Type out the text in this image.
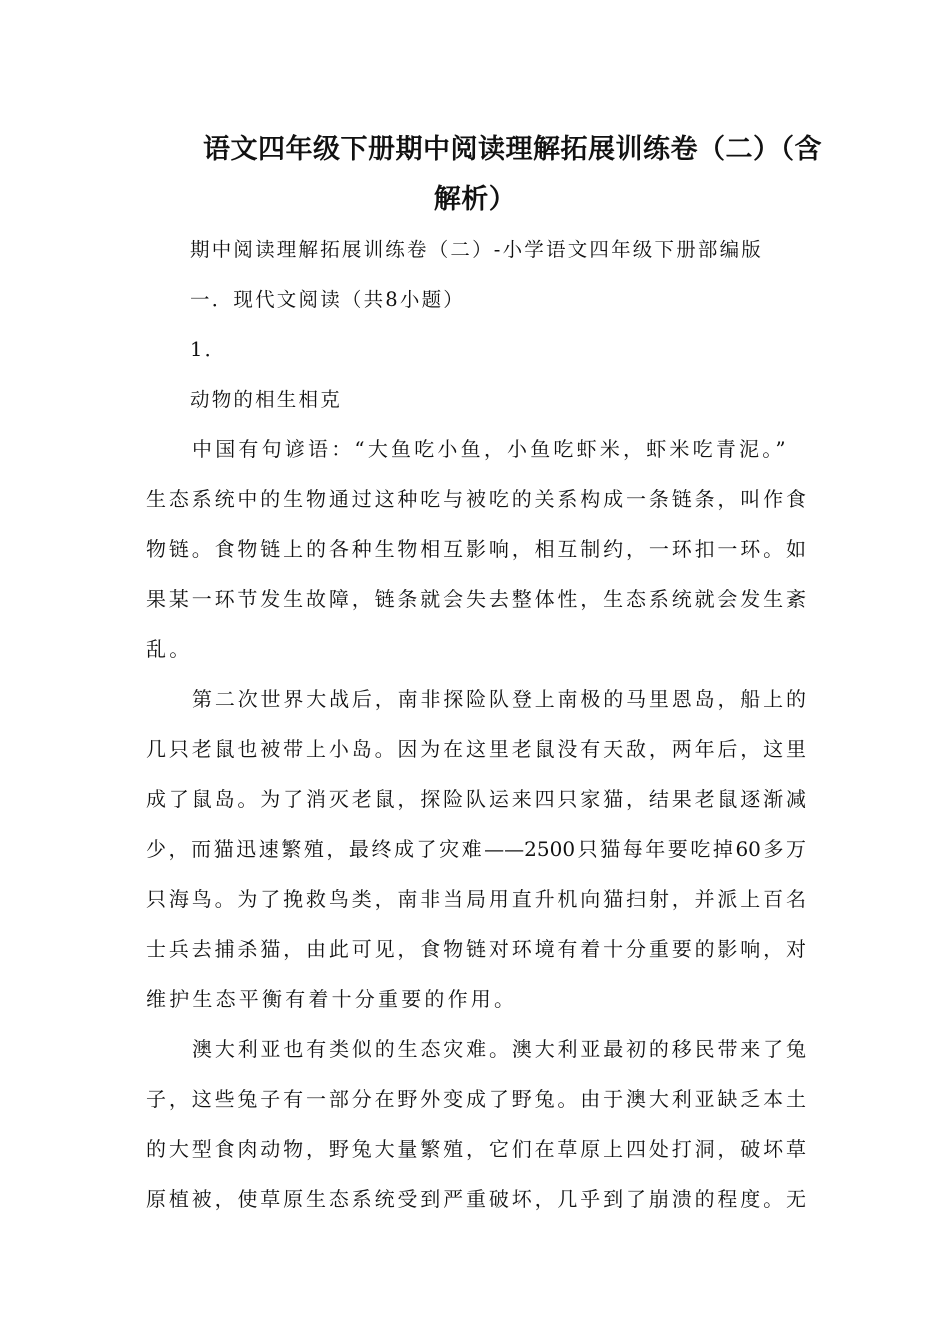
语文四年级下册期中阅读理解拓展训练卷（二）（含
解析）
期中阅读理解拓展训练卷（二）-小学语文四年级下册部编版
一．现代文阅读（共8小题）
1．
动物的相生相克
中国有句谚语：“大鱼吃小鱼，小鱼吃虾米，虾米吃青泥。”
生态系统中的生物通过这种吃与被吃的关系构成一条链条，叫作食
物链。食物链上的各种生物相互影响，相互制约，一环扣一环。如
果某一环节发生故障，链条就会失去整体性，生态系统就会发生紊
乱。
第二次世界大战后，南非探险队登上南极的马里恩岛，船上的
几只老鼠也被带上小岛。因为在这里老鼠没有天敌，两年后，这里
成了鼠岛。为了消灭老鼠，探险队运来四只家猫，结果老鼠逐渐减
少，而猫迅速繁殖，最终成了灾难——2500只猫每年要吃掉60多万
只海鸟。为了挽救鸟类，南非当局用直升机向猫扫射，并派上百名
士兵去捕杀猫，由此可见，食物链对环境有着十分重要的影响，对
维护生态平衡有着十分重要的作用。
澳大利亚也有类似的生态灾难。澳大利亚最初的移民带来了兔
子，这些兔子有一部分在野外变成了野兔。由于澳大利亚缺乏本土
的大型食肉动物，野兔大量繁殖，它们在草原上四处打洞，破坏草
原植被，使草原生态系统受到严重破坏，几乎到了崩溃的程度。无
